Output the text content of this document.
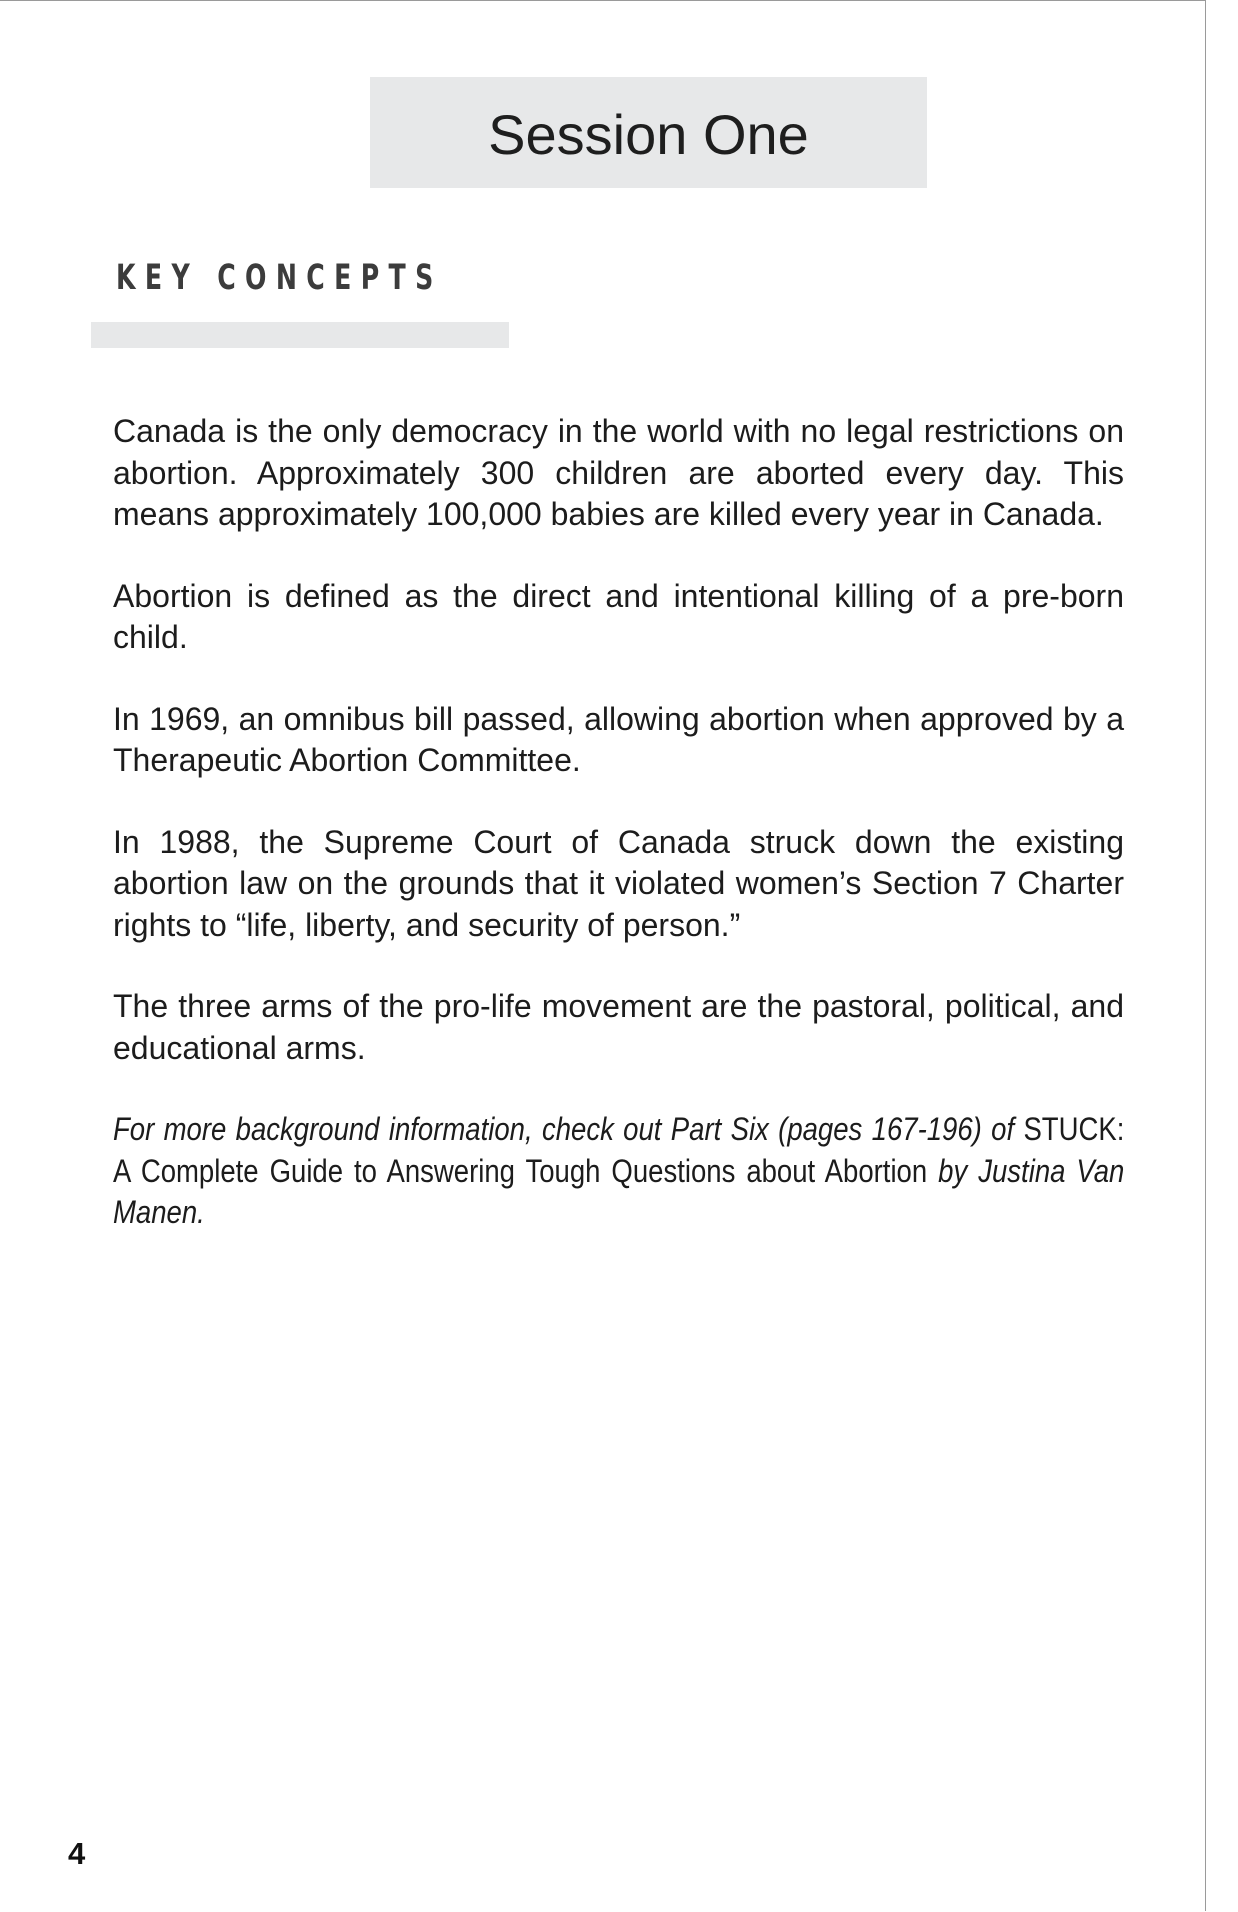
Session One
KEY CONCEPTS

Canada is the only democracy in the world with no legal restrictions on abortion. Approximately 300 children are aborted every day. This means approximately 100,000 babies are killed every year in Canada.

Abortion is defined as the direct and intentional killing of a pre-born child.

In 1969, an omnibus bill passed, allowing abortion when approved by a Therapeutic Abortion Committee.

In 1988, the Supreme Court of Canada struck down the existing abortion law on the grounds that it violated women’s Section 7 Charter rights to “life, liberty, and security of person.”

The three arms of the pro-life movement are the pastoral, political, and educational arms.

For more background information, check out Part Six (pages 167-196) of STUCK: A Complete Guide to Answering Tough Questions about Abortion by Justina Van Manen.

4
